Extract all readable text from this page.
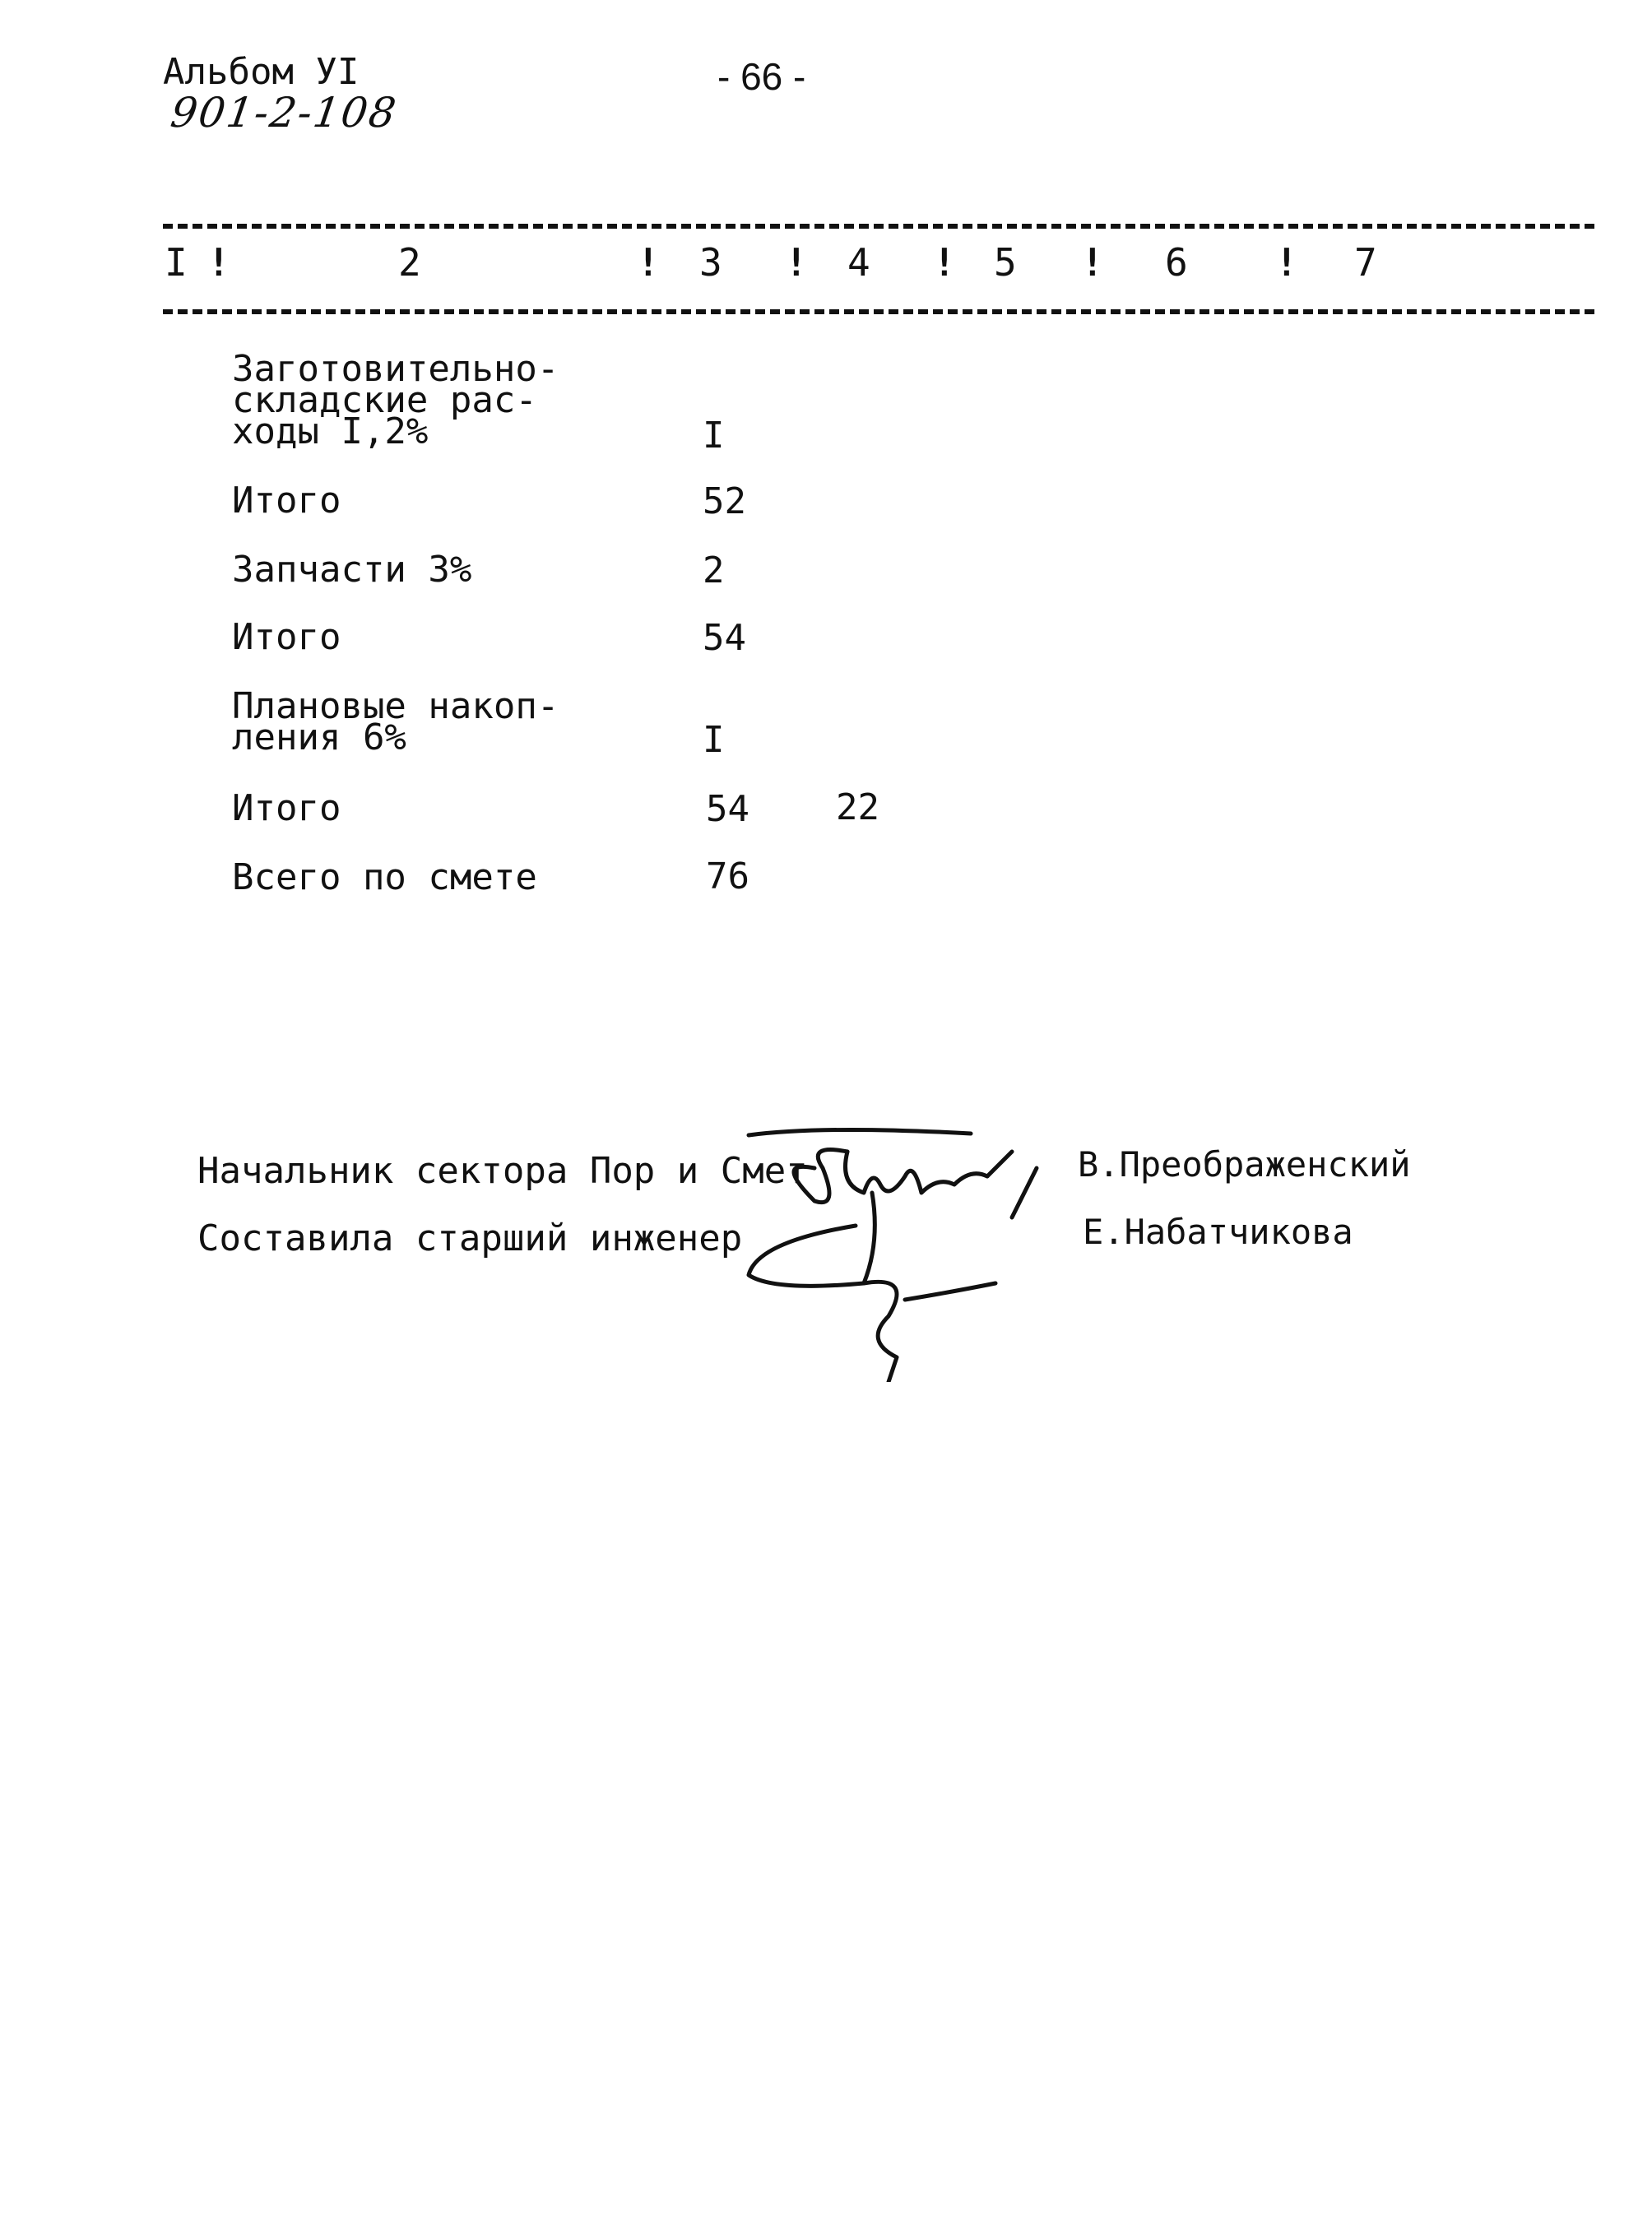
Альбом УI
901-2-108
- 66 -
I !	2	! 3 ! 4 ! 5 ! 6 ! 7
Заготовительно-
складские рас-
ходы I,2%	I
Итого	52
Запчасти 3%	2
Итого	54
Плановые накоп-
ления 6%	I
Итого	54 22
Всего по смете	76
Начальник сектора Пор и Смет	В.Преображенский
Составила старший инженер	Е.Набатчикова
